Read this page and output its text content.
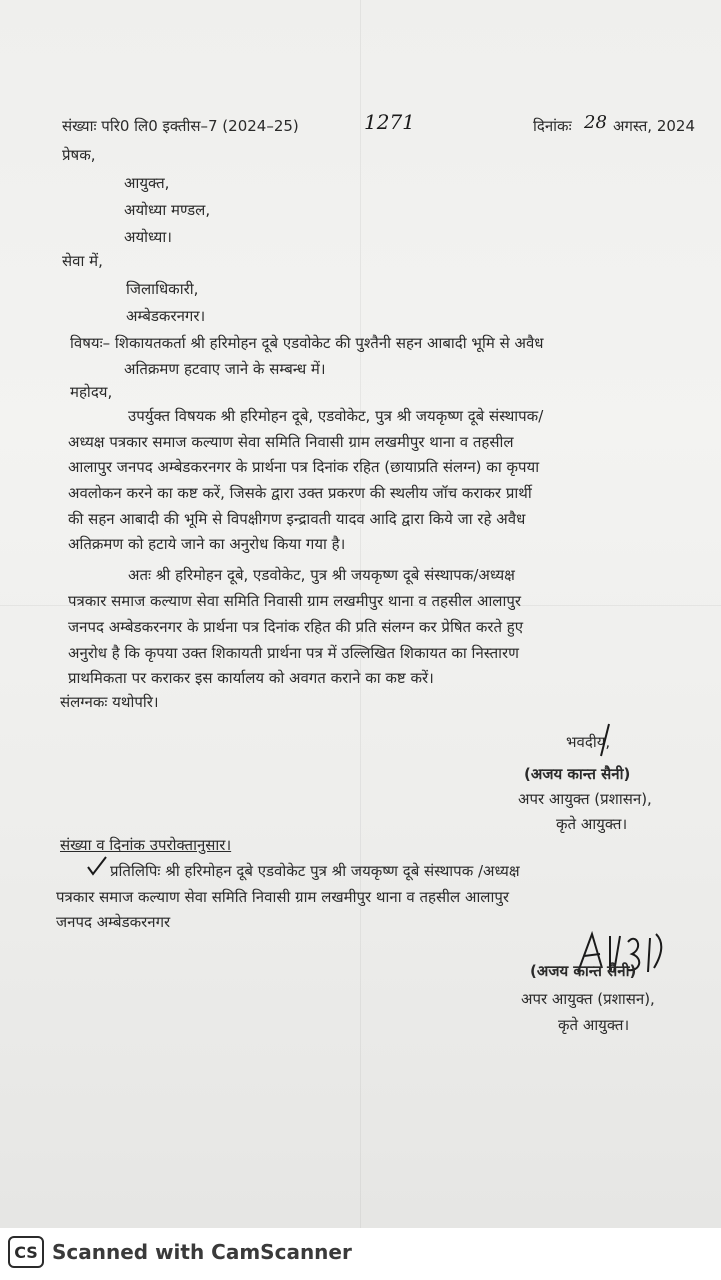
संख्याः परि0 लि0 इक्तीस–7 (2024–25)	1271	दिनांकः 28 अगस्त, 2024
प्रेषक,
आयुक्त,
अयोध्या मण्डल,
अयोध्या।
सेवा में,
जिलाधिकारी,
अम्बेडकरनगर।
विषयः– शिकायतकर्ता श्री हरिमोहन दूबे एडवोकेट की पुश्तैनी सहन आबादी भूमि से अवैध
अतिक्रमण हटवाए जाने के सम्बन्ध में।
महोदय,
उपर्युक्त विषयक श्री हरिमोहन दूबे, एडवोकेट, पुत्र श्री जयकृष्ण दूबे संस्थापक/
अध्यक्ष पत्रकार समाज कल्याण सेवा समिति निवासी ग्राम लखमीपुर थाना व तहसील
आलापुर जनपद अम्बेडकरनगर के प्रार्थना पत्र दिनांक रहित (छायाप्रति संलग्न) का कृपया
अवलोकन करने का कष्ट करें, जिसके द्वारा उक्त प्रकरण की स्थलीय जॉच कराकर प्रार्थी
की सहन आबादी की भूमि से विपक्षीगण इन्द्रावती यादव आदि द्वारा किये जा रहे अवैध
अतिक्रमण को हटाये जाने का अनुरोध किया गया है।
अतः श्री हरिमोहन दूबे, एडवोकेट, पुत्र श्री जयकृष्ण दूबे संस्थापक/अध्यक्ष
पत्रकार समाज कल्याण सेवा समिति निवासी ग्राम लखमीपुर थाना व तहसील आलापुर
जनपद अम्बेडकरनगर के प्रार्थना पत्र दिनांक रहित की प्रति संलग्न कर प्रेषित करते हुए
अनुरोध है कि कृपया उक्त शिकायती प्रार्थना पत्र में उल्लिखित शिकायत का निस्तारण
प्राथमिकता पर कराकर इस कार्यालय को अवगत कराने का कष्ट करें।
संलग्नकः यथोपरि।
भवदीय,
(अजय कान्त सैनी)
अपर आयुक्त (प्रशासन),
कृते आयुक्त।
संख्या व दिनांक उपरोक्तानुसार।
प्रतिलिपिः श्री हरिमोहन दूबे एडवोकेट पुत्र श्री जयकृष्ण दूबे संस्थापक /अध्यक्ष
पत्रकार समाज कल्याण सेवा समिति निवासी ग्राम लखमीपुर थाना व तहसील आलापुर
जनपद अम्बेडकरनगर
(अजय कान्त सैनी)
अपर आयुक्त (प्रशासन),
कृते आयुक्त।
CS Scanned with CamScanner
